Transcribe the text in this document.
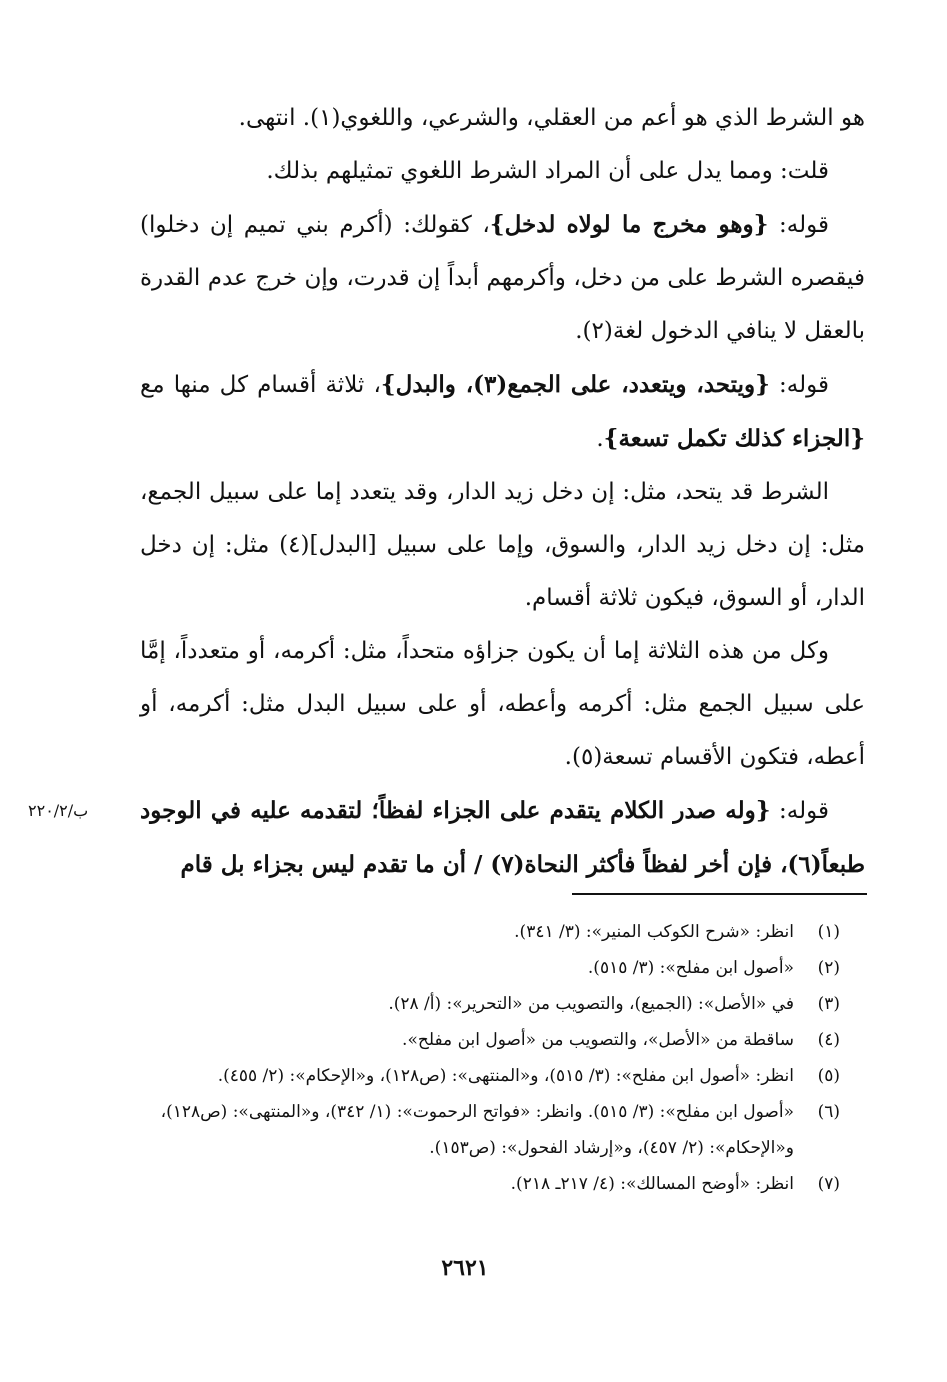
هو الشرط الذي هو أعم من العقلي، والشرعي، واللغوي(١). انتهى.

قلت: ومما يدل على أن المراد الشرط اللغوي تمثيلهم بذلك.

قوله: {وهو مخرج ما لولاه لدخل}، كقولك: (أكرم بني تميم إن دخلوا) فيقصره الشرط على من دخل، وأكرمهم أبداً إن قدرت، وإن خرج عدم القدرة بالعقل لا ينافي الدخول لغة(٢).

قوله: {ويتحد، ويتعدد، على الجمع(٣)، والبدل}، ثلاثة أقسام كل منها مع {الجزاء كذلك تكمل تسعة}.

الشرط قد يتحد، مثل: إن دخل زيد الدار، وقد يتعدد إما على سبيل الجمع، مثل: إن دخل زيد الدار، والسوق، وإما على سبيل [البدل](٤) مثل: إن دخل الدار، أو السوق، فيكون ثلاثة أقسام.

وكل من هذه الثلاثة إما أن يكون جزاؤه متحداً، مثل: أكرمه، أو متعدداً، إمَّا على سبيل الجمع مثل: أكرمه وأعطه، أو على سبيل البدل مثل: أكرمه، أو أعطه، فتكون الأقسام تسعة(٥).

قوله: {وله صدر الكلام يتقدم على الجزاء لفظاً؛ لتقدمه عليه في الوجود طبعاً(٦)، فإن أخر لفظاً فأكثر النحاة(٧) / أن ما تقدم ليس بجزاء بل قام

ب/٢٢٠/٢
(١)
انظر: «شرح الكوكب المنير»: (٣/ ٣٤١).
(٢)
«أصول ابن مفلح»: (٣/ ٥١٥).
(٣)
في «الأصل»: (الجميع)، والتصويب من «التحرير»: (أ/ ٢٨).
(٤)
ساقطة من «الأصل»، والتصويب من «أصول ابن مفلح».
(٥)
انظر: «أصول ابن مفلح»: (٣/ ٥١٥)، و«المنتهى»: (ص١٢٨)، و«الإحكام»: (٢/ ٤٥٥).
(٦)
«أصول ابن مفلح»: (٣/ ٥١٥). وانظر: «فواتح الرحموت»: (١/ ٣٤٢)، و«المنتهى»: (ص١٢٨)، و«الإحكام»: (٢/ ٤٥٧)، و«إرشاد الفحول»: (ص١٥٣).
(٧)
انظر: «أوضح المسالك»: (٤/ ٢١٧ـ ٢١٨).
٢٦٢١
